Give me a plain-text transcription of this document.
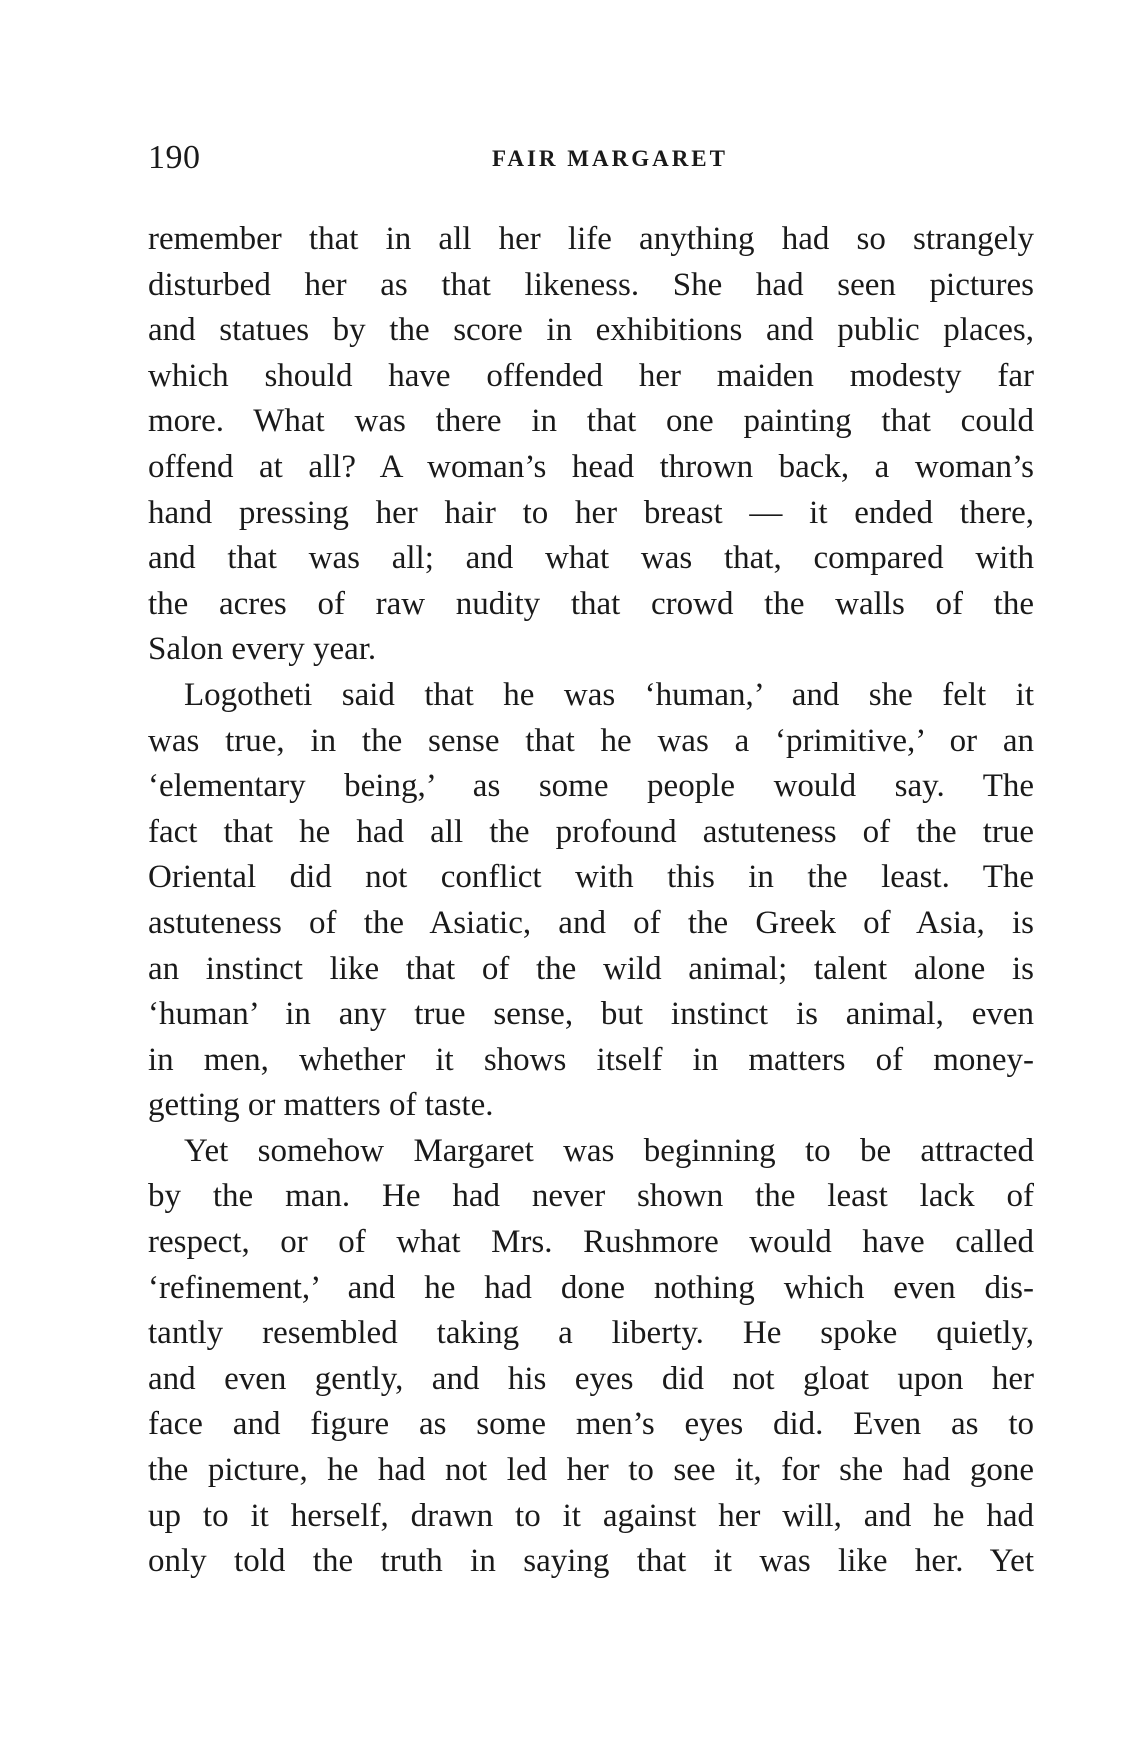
190	FAIR MARGARET
remember that in all her life anything had so strangely
disturbed her as that likeness. She had seen pictures
and statues by the score in exhibitions and public places,
which should have offended her maiden modesty far
more. What was there in that one painting that could
offend at all? A woman’s head thrown back, a woman’s
hand pressing her hair to her breast — it ended there,
and that was all; and what was that, compared with
the acres of raw nudity that crowd the walls of the
Salon every year.
Logotheti said that he was ‘human,’ and she felt it
was true, in the sense that he was a ‘primitive,’ or an
‘elementary being,’ as some people would say. The
fact that he had all the profound astuteness of the true
Oriental did not conflict with this in the least. The
astuteness of the Asiatic, and of the Greek of Asia, is
an instinct like that of the wild animal; talent alone is
‘human’ in any true sense, but instinct is animal, even
in men, whether it shows itself in matters of money-
getting or matters of taste.
Yet somehow Margaret was beginning to be attracted
by the man. He had never shown the least lack of
respect, or of what Mrs. Rushmore would have called
‘refinement,’ and he had done nothing which even dis-
tantly resembled taking a liberty. He spoke quietly,
and even gently, and his eyes did not gloat upon her
face and figure as some men’s eyes did. Even as to
the picture, he had not led her to see it, for she had gone
up to it herself, drawn to it against her will, and he had
only told the truth in saying that it was like her. Yet
